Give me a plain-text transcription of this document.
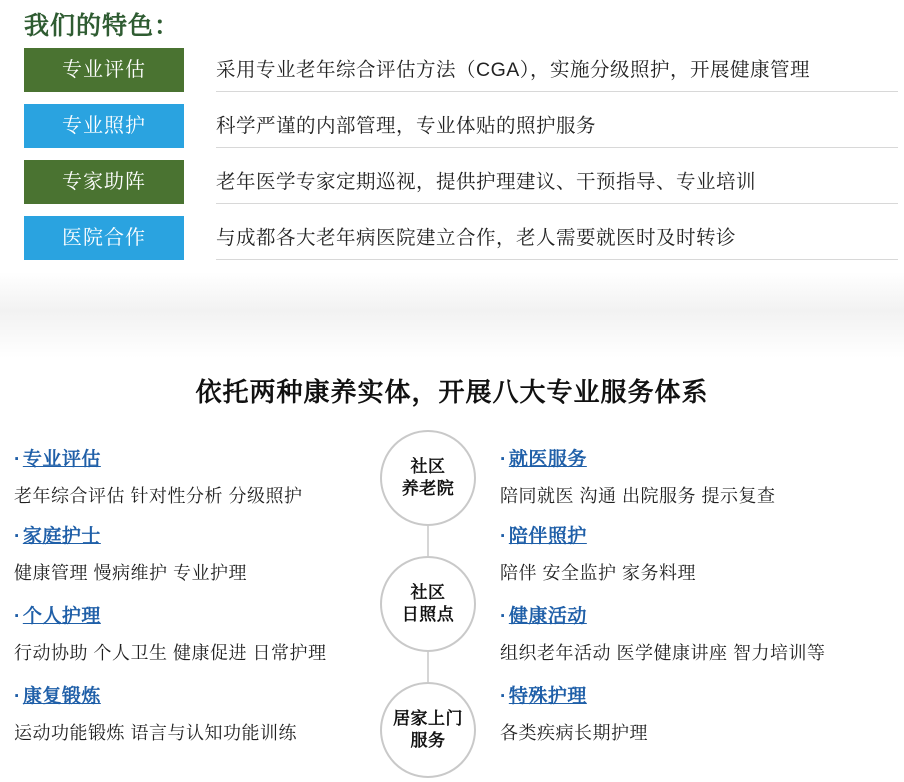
我们的特色：
专业评估	采用专业老年综合评估方法（CGA），实施分级照护，开展健康管理
专业照护	科学严谨的内部管理，专业体贴的照护服务
专家助阵	老年医学专家定期巡视，提供护理建议、干预指导、专业培训
医院合作	与成都各大老年病医院建立合作，老人需要就医时及时转诊
依托两种康养实体，开展八大专业服务体系
· 专业评估
老年综合评估 针对性分析 分级照护
· 家庭护士
健康管理 慢病维护 专业护理
· 个人护理
行动协助 个人卫生 健康促进 日常护理
· 康复锻炼
运动功能锻炼 语言与认知功能训练
· 就医服务
陪同就医 沟通 出院服务 提示复查
· 陪伴照护
陪伴 安全监护 家务料理
· 健康活动
组织老年活动 医学健康讲座 智力培训等
· 特殊护理
各类疾病长期护理
社区
养老院
社区
日照点
居家上门
服务
